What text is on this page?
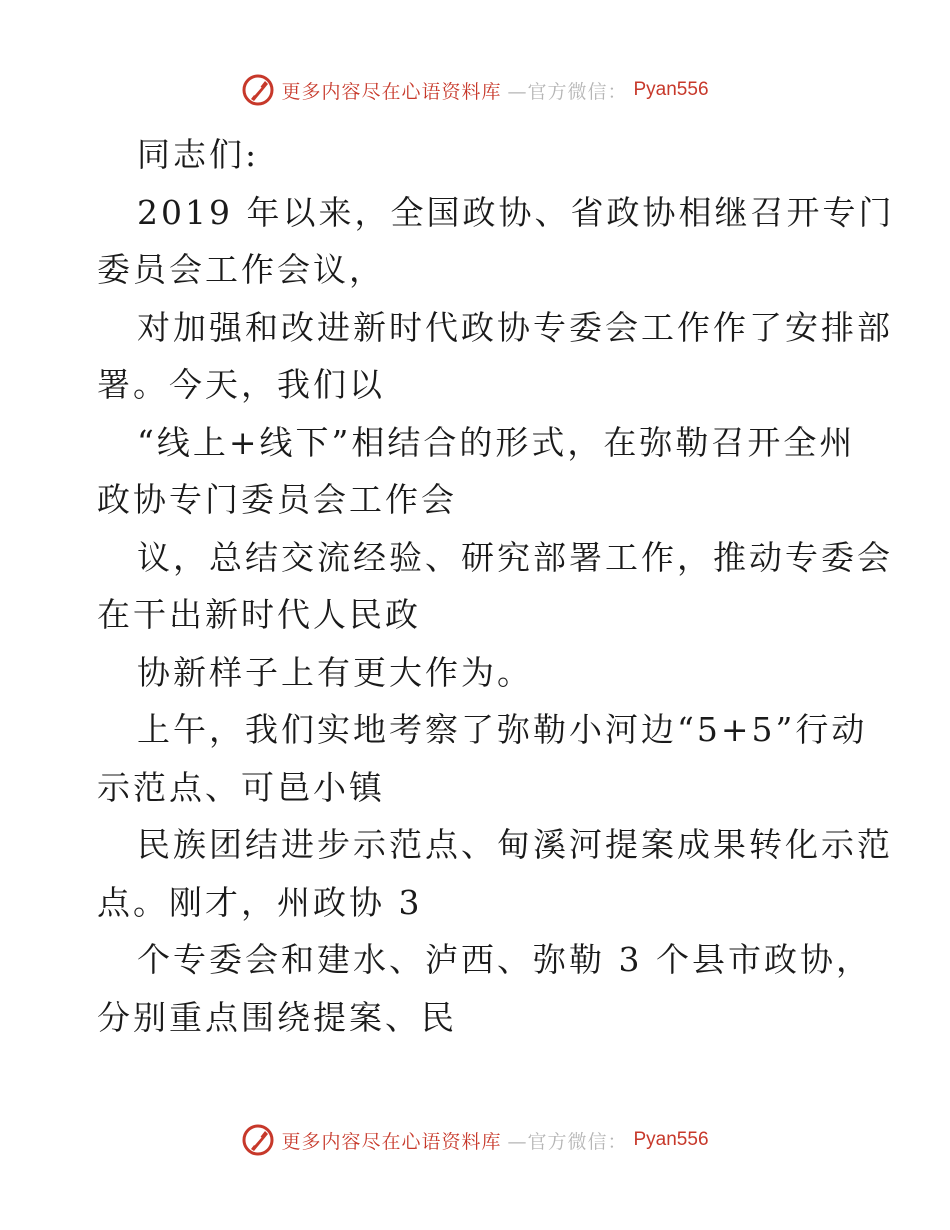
更多内容尽在心语资料库 —官方微信： Pyan556
同志们:
2019 年以来，全国政协、省政协相继召开专门
委员会工作会议，
对加强和改进新时代政协专委会工作作了安排部
署。今天，我们以
“线上+线下”相结合的形式，在弥勒召开全州
政协专门委员会工作会
议，总结交流经验、研究部署工作，推动专委会
在干出新时代人民政
协新样子上有更大作为。
上午，我们实地考察了弥勒小河边“5+5”行动
示范点、可邑小镇
民族团结进步示范点、甸溪河提案成果转化示范
点。刚才，州政协 3
个专委会和建水、泸西、弥勒 3 个县市政协，
分别重点围绕提案、民
更多内容尽在心语资料库 —官方微信： Pyan556
